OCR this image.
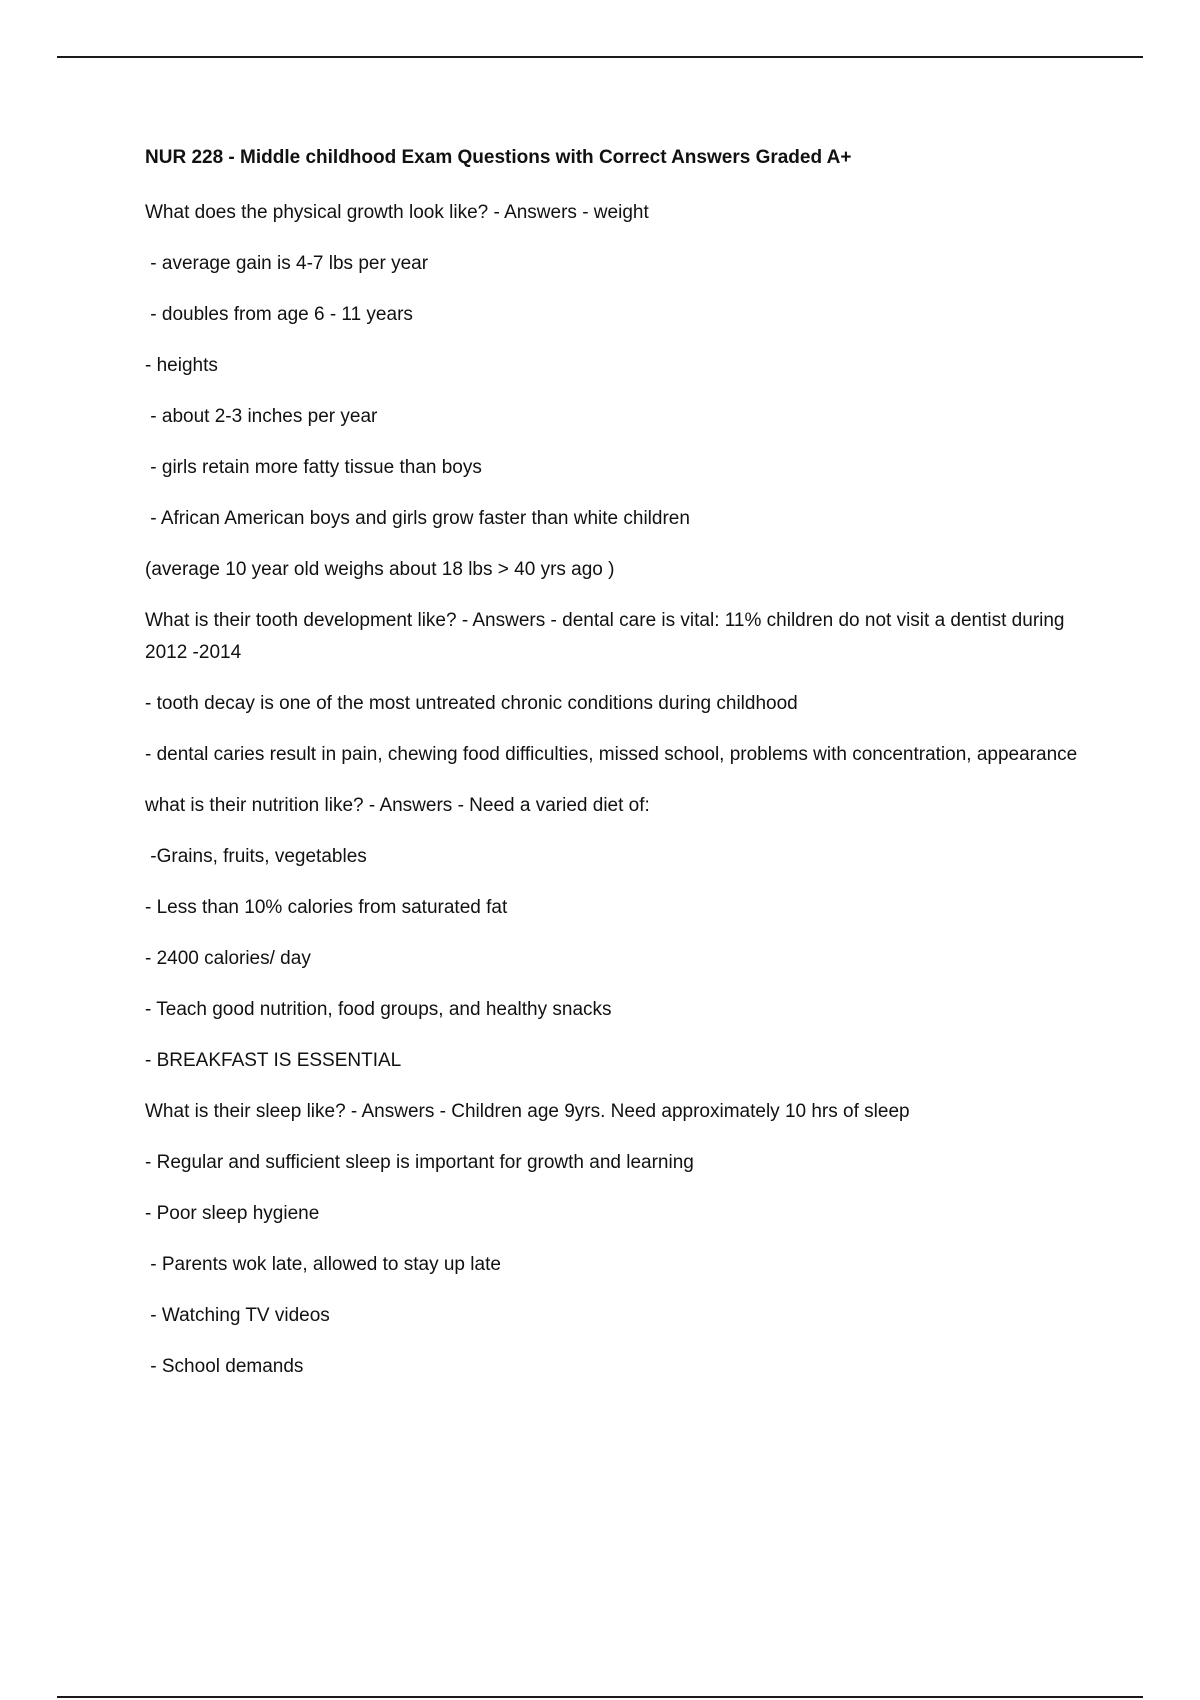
NUR 228 - Middle childhood Exam Questions with Correct Answers Graded A+

What does the physical growth look like? - Answers - weight

- average gain is 4-7 lbs per year

- doubles from age 6 - 11 years

- heights

- about 2-3 inches per year

- girls retain more fatty tissue than boys

- African American boys and girls grow faster than white children

(average 10 year old weighs about 18 lbs > 40 yrs ago )

What is their tooth development like? - Answers - dental care is vital: 11% children do not visit a dentist during 2012 -2014

- tooth decay is one of the most untreated chronic conditions during childhood

- dental caries result in pain, chewing food difficulties, missed school, problems with concentration, appearance

what is their nutrition like? - Answers - Need a varied diet of:

-Grains, fruits, vegetables

- Less than 10% calories from saturated fat

- 2400 calories/ day

- Teach good nutrition, food groups, and healthy snacks

- BREAKFAST IS ESSENTIAL

What is their sleep like? - Answers - Children age 9yrs. Need approximately 10 hrs of sleep

- Regular and sufficient sleep is important for growth and learning

- Poor sleep hygiene

- Parents wok late, allowed to stay up late

- Watching TV videos

- School demands
